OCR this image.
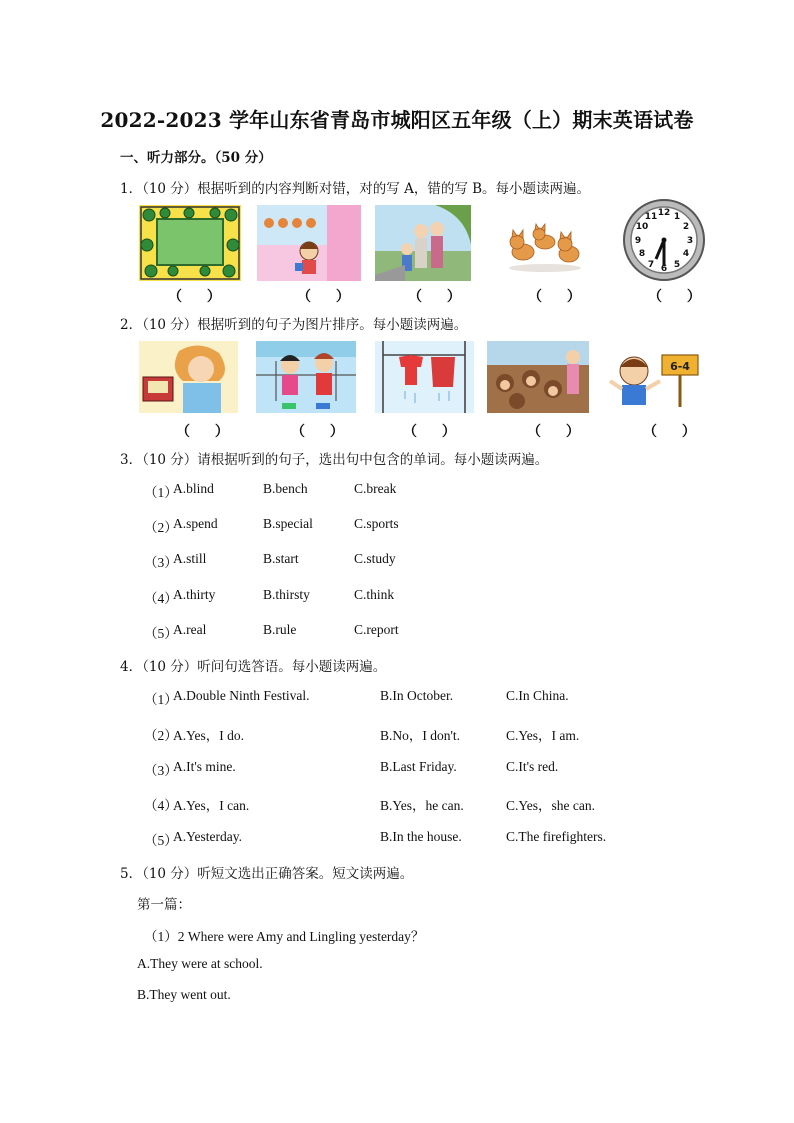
2022-2023 学年山东省青岛市城阳区五年级（上）期末英语试卷
一、听力部分。（50 分）
1．（10 分）根据听到的内容判断对错，对的写 A，错的写 B。每小题读两遍。
12 1
2
3
4
5
6
7
8
9
10
11
（ ）	（ ）	（ ）	（ ）	（ ）
2．（10 分）根据听到的句子为图片排序。每小题读两遍。
6-4
（ ）	（ ）	（ ）	（ ）	（ ）
3．（10 分）请根据听到的句子，选出句中包含的单词。每小题读两遍。
（1）
A.blind	B.bench	C.break
（2）
A.spend	B.special	C.sports
（3）
A.still	B.start	C.study
（4）
A.thirty	B.thirsty	C.think
（5）
A.real	B.rule	C.report
4．（10 分）听问句选答语。每小题读两遍。
（1）
A.Double Ninth Festival.	B.In October.	C.In China.
（2）
A.Yes，I do.	B.No，I don't.	C.Yes，I am.
（3）
A.It's mine.	B.Last Friday.	C.It's red.
（4）
A.Yes，I can.	B.Yes，he can.	C.Yes，she can.
（5）
A.Yesterday.	B.In the house.	C.The firefighters.
5．（10 分）听短文选出正确答案。短文读两遍。
第一篇：
（1）2 Where were Amy and Lingling yesterday？
A.They were at school.
B.They went out.
